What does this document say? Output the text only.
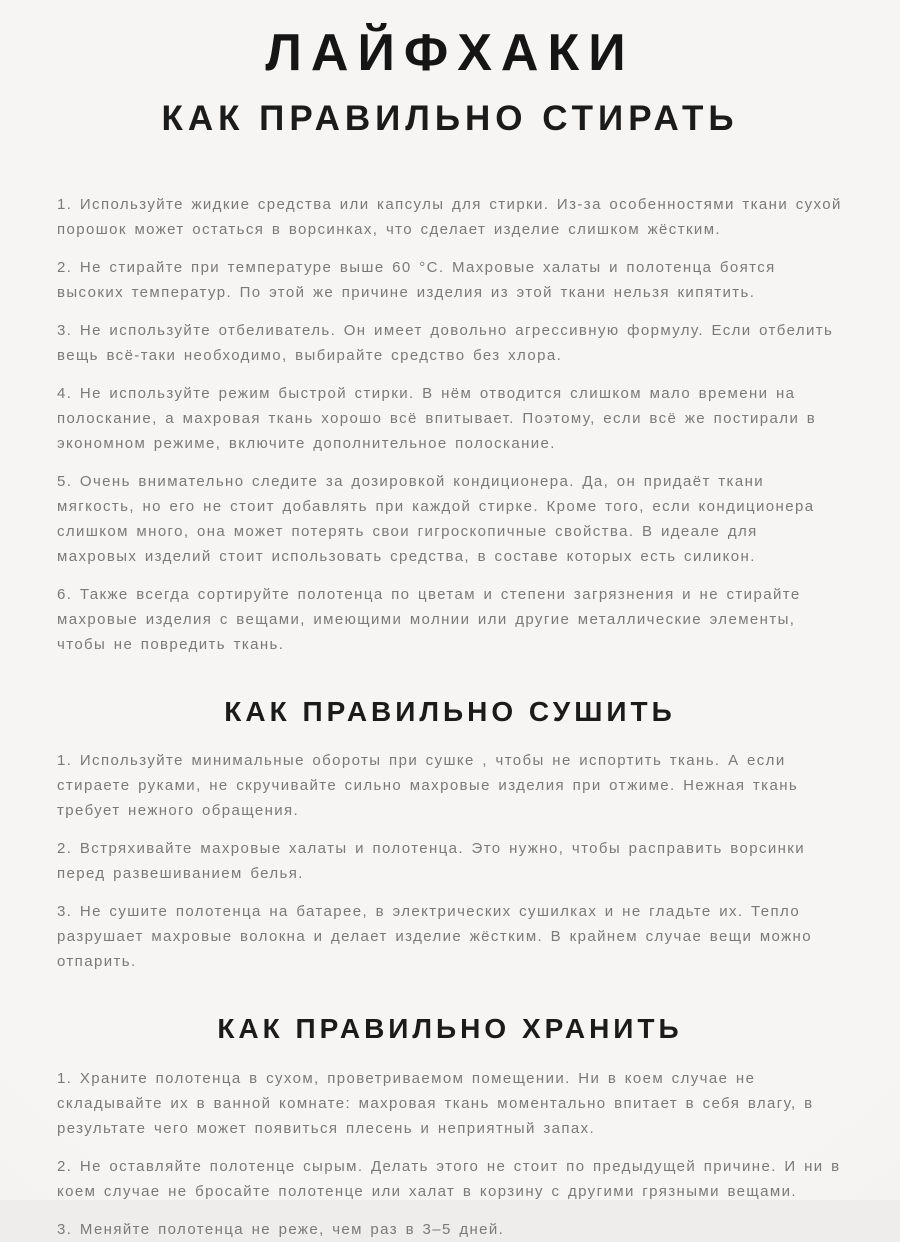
ЛАЙФХАКИ
КАК ПРАВИЛЬНО СТИРАТЬ

1. Используйте жидкие средства или капсулы для стирки. Из-за особенностями ткани сухой порошок может остаться в ворсинках, что сделает изделие слишком жёстким.

2. Не стирайте при температуре выше 60 °С. Махровые халаты и полотенца боятся высоких температур. По этой же причине изделия из этой ткани нельзя кипятить.

3. Не используйте отбеливатель. Он имеет довольно агрессивную формулу. Если отбелить вещь всё-таки необходимо, выбирайте средство без хлора.

4. Не используйте режим быстрой стирки. В нём отводится слишком мало времени на полоскание, а махровая ткань хорошо всё впитывает. Поэтому, если всё же постирали в экономном режиме, включите дополнительное полоскание.

5. Очень внимательно следите за дозировкой кондиционера. Да, он придаёт ткани мягкость, но его не стоит добавлять при каждой стирке. Кроме того, если кондиционера слишком много, она может потерять свои гигроскопичные свойства. В идеале для махровых изделий стоит использовать средства, в составе которых есть силикон.

6. Также всегда сортируйте полотенца по цветам и степени загрязнения и не стирайте махровые изделия с вещами, имеющими молнии или другие металлические элементы, чтобы не повредить ткань.

КАК ПРАВИЛЬНО СУШИТЬ

1. Используйте минимальные обороты при сушке , чтобы не испортить ткань. А если стираете руками, не скручивайте сильно махровые изделия при отжиме. Нежная ткань требует нежного обращения.

2. Встряхивайте махровые халаты и полотенца. Это нужно, чтобы расправить ворсинки перед развешиванием белья.

3. Не сушите полотенца на батарее, в электрических сушилках и не гладьте их. Тепло разрушает махровые волокна и делает изделие жёстким. В крайнем случае вещи можно отпарить.

КАК ПРАВИЛЬНО ХРАНИТЬ

1. Храните полотенца в сухом, проветриваемом помещении. Ни в коем случае не складывайте их в ванной комнате: махровая ткань моментально впитает в себя влагу, в результате чего может появиться плесень и неприятный запах.

2. Не оставляйте полотенце сырым. Делать этого не стоит по предыдущей причине. И ни в коем случае не бросайте полотенце или халат в корзину с другими грязными вещами.

3. Меняйте полотенца не реже, чем раз в 3–5 дней.
